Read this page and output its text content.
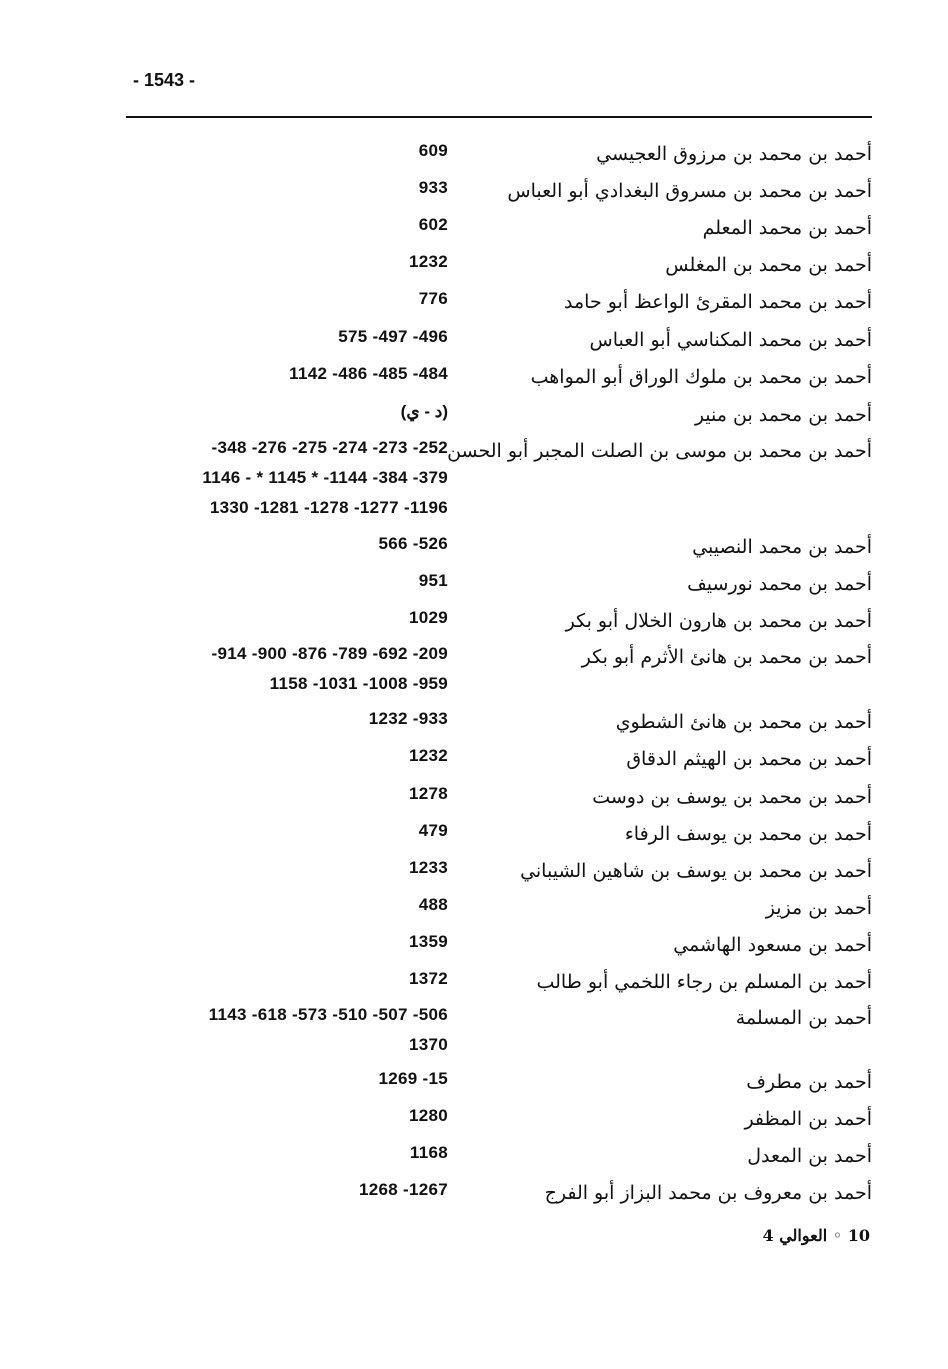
- 1543 -
أحمد بن محمد بن مرزوق العجيسي
609
أحمد بن محمد بن مسروق البغدادي أبو العباس
933
أحمد بن محمد المعلم
602
أحمد بن محمد بن المغلس
1232
أحمد بن محمد المقرئ الواعظ أبو حامد
776
أحمد بن محمد المكناسي أبو العباس
575 -497 -496
أحمد بن محمد بن ملوك الوراق أبو المواهب
1142 -486 -485 -484
أحمد بن محمد بن منير
(د - ي)
أحمد بن محمد بن موسى بن الصلت المجبر أبو الحسن
-348 -276 -275 -274 -273 -252
1146 - * 1145 * -1144 -384 -379
1330 -1281 -1278 -1277 -1196
أحمد بن محمد النصيبي
566 -526
أحمد بن محمد نورسيف
951
أحمد بن محمد بن هارون الخلال أبو بكر
1029
أحمد بن محمد بن هانئ الأثرم أبو بكر
-914 -900 -876 -789 -692 -209
1158 -1031 -1008 -959
أحمد بن محمد بن هانئ الشطوي
1232 -933
أحمد بن محمد بن الهيثم الدقاق
1232
أحمد بن محمد بن يوسف بن دوست
1278
أحمد بن محمد بن يوسف الرفاء
479
أحمد بن محمد بن يوسف بن شاهين الشيباني
1233
أحمد بن مزيز
488
أحمد بن مسعود الهاشمي
1359
أحمد بن المسلم بن رجاء اللخمي أبو طالب
1372
أحمد بن المسلمة
1143 -618 -573 -510 -507 -506
1370
أحمد بن مطرف
1269 -15
أحمد بن المظفر
1280
أحمد بن المعدل
1168
أحمد بن معروف بن محمد البزاز أبو الفرج
1268 -1267
10 ◦ العوالي 4
